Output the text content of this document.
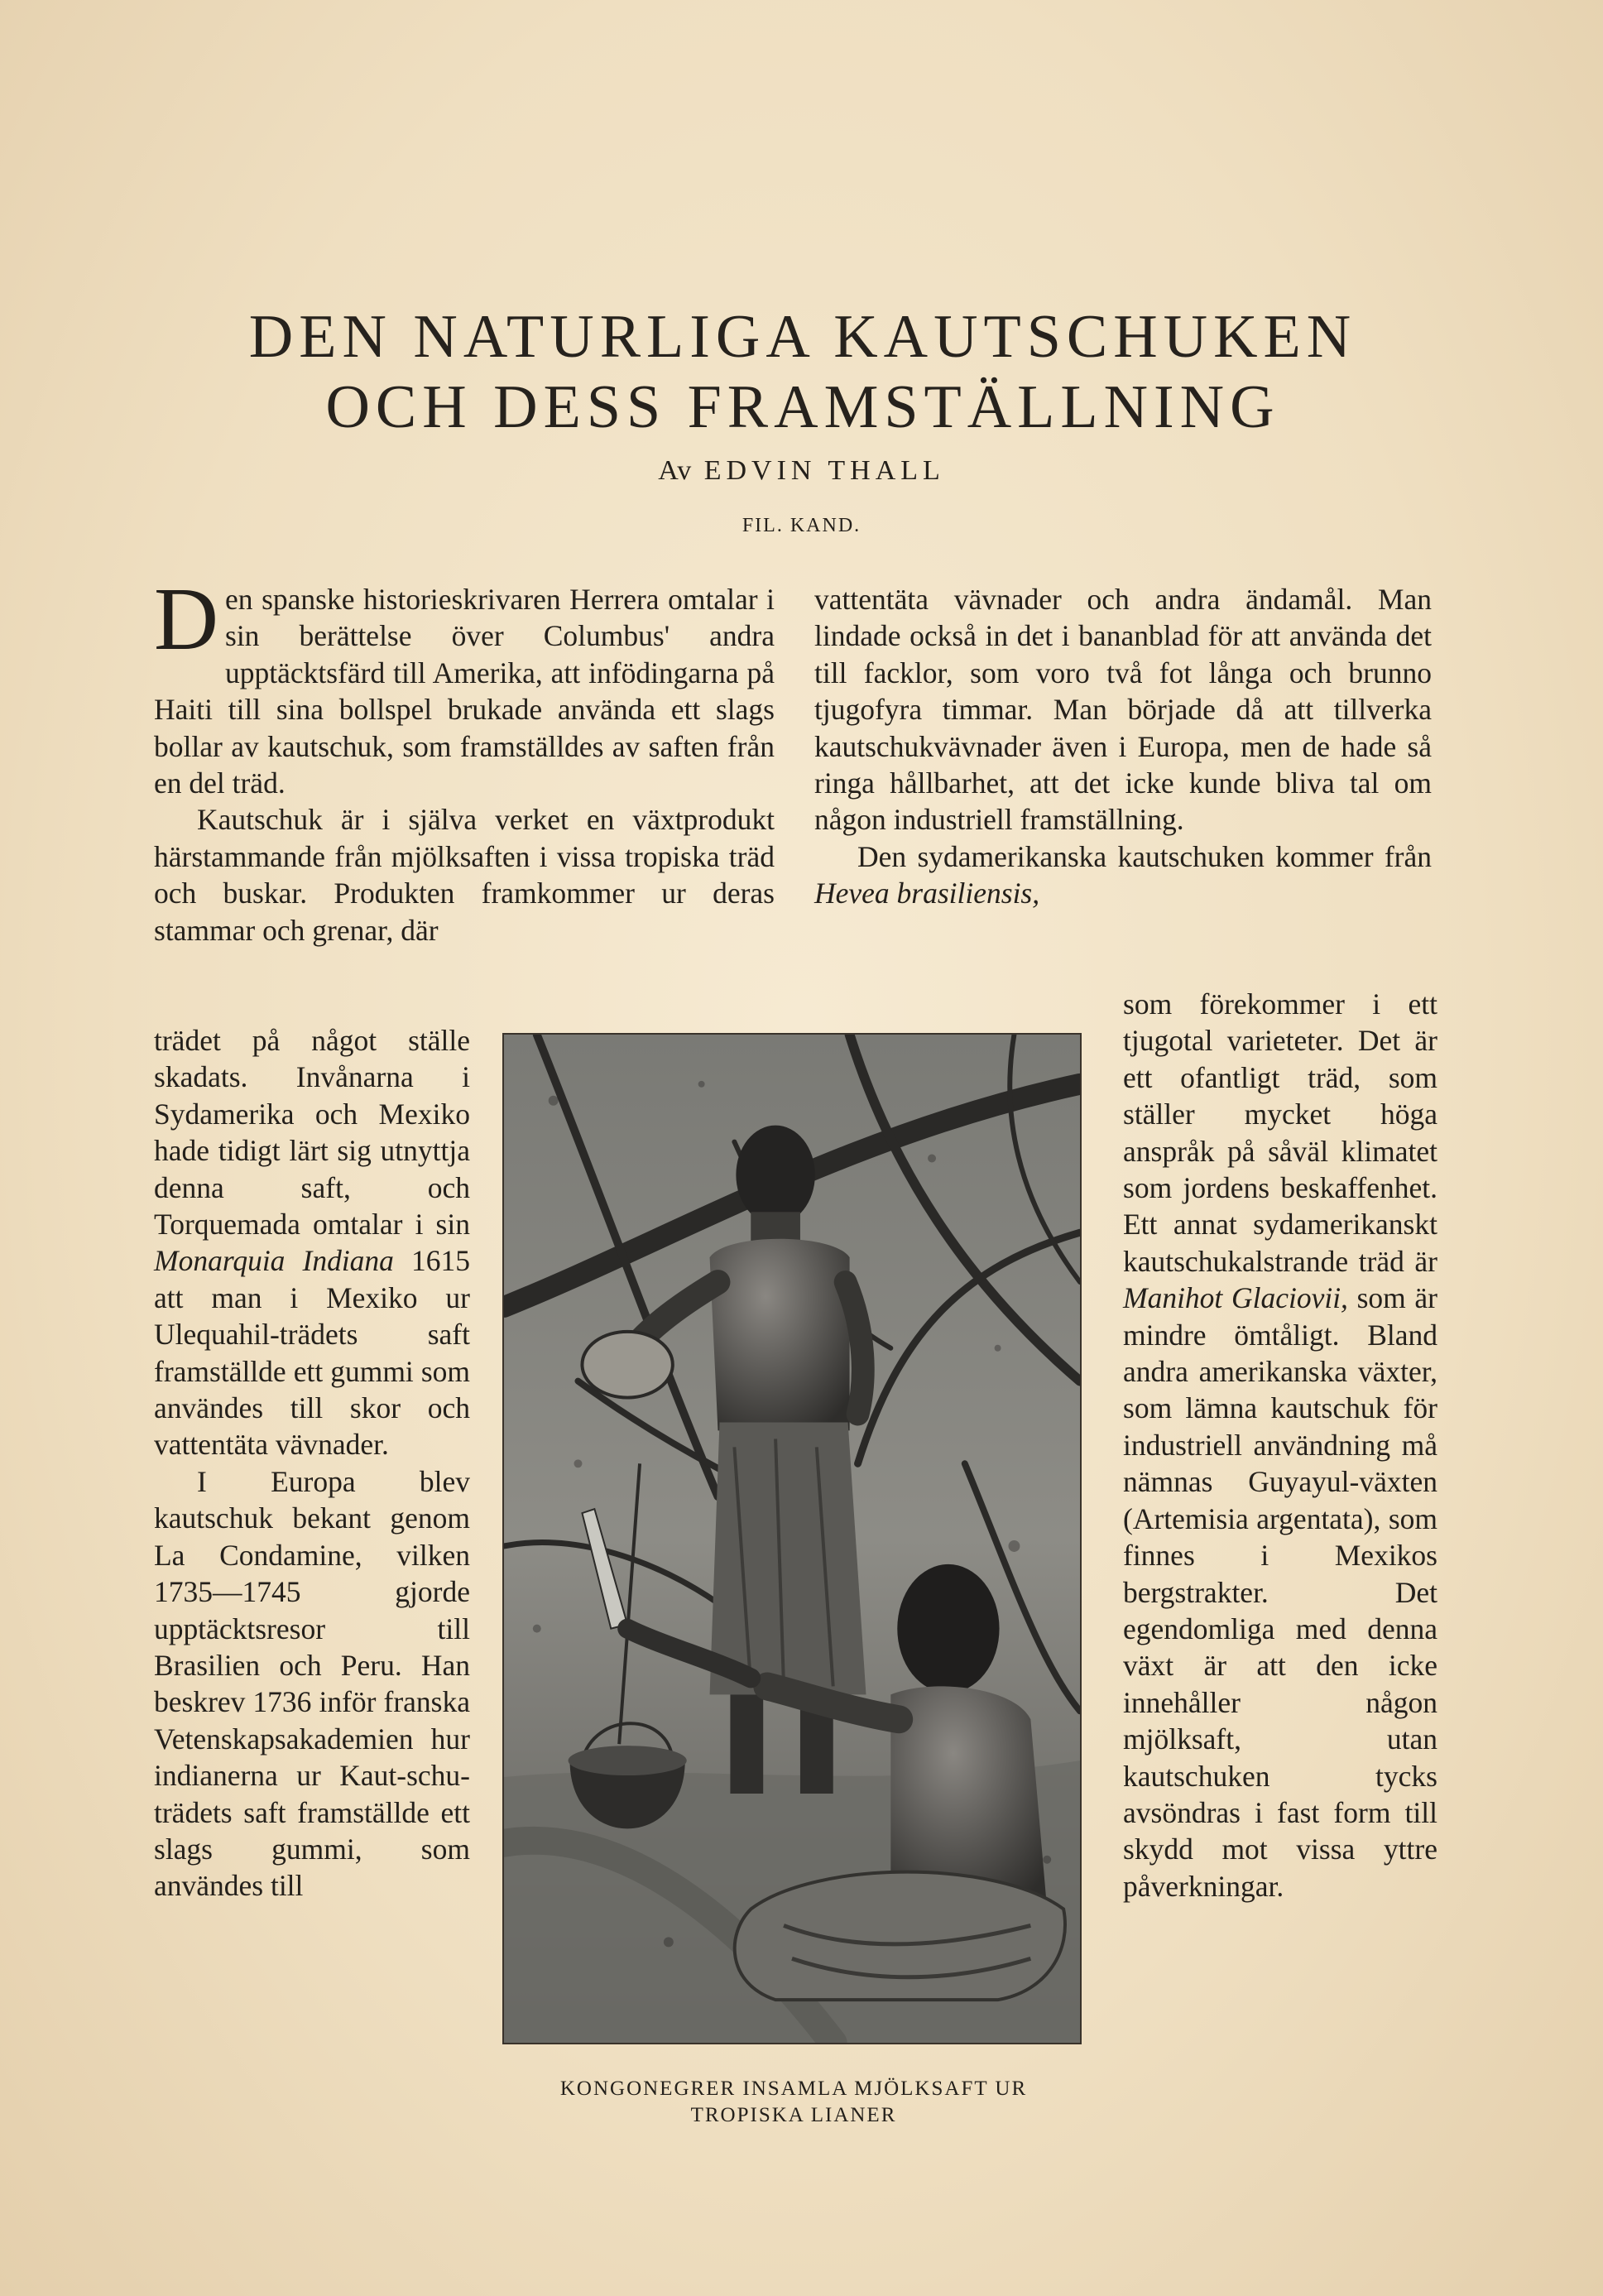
DEN NATURLIGA KAUTSCHUKEN
OCH DESS FRAMSTÄLLNING
Av EDVIN THALL
FIL. KAND.

Den spanske historieskrivaren Herrera omtalar i sin berättelse över Columbus' andra upptäcktsfärd till Amerika, att infödingarna på Haiti till sina bollspel brukade använda ett slags bollar av kautschuk, som framställdes av saften från en del träd.

Kautschuk är i själva verket en växtprodukt härstammande från mjölksaften i vissa tropiska träd och buskar. Produkten framkommer ur deras stammar och grenar, där

trädet på något ställe skadats. Invånarna i Sydamerika och Mexiko hade tidigt lärt sig utnyttja denna saft, och Torquemada omtalar i sin Monarquia Indiana 1615 att man i Mexiko ur Ulequahil-trädets saft framställde ett gummi som användes till skor och vattentäta vävnader.

I Europa blev kautschuk bekant genom La Condamine, vilken 1735—1745 gjorde upptäcktsresor till Brasilien och Peru. Han beskrev 1736 inför franska Vetenskapsakademien hur indianerna ur Kaut-schu-trädets saft framställde ett slags gummi, som användes till

vattentäta vävnader och andra ändamål. Man lindade också in det i bananblad för att använda det till facklor, som voro två fot långa och brunno tjugofyra timmar. Man började då att tillverka kautschukvävnader även i Europa, men de hade så ringa hållbarhet, att det icke kunde bliva tal om någon industriell framställning.

Den sydamerikanska kautschuken kommer från Hevea brasiliensis,

som förekommer i ett tjugotal varieteter. Det är ett ofantligt träd, som ställer mycket höga anspråk på såväl klimatet som jordens beskaffenhet. Ett annat sydamerikanskt kautschukalstrande träd är Manihot Glaciovii, som är mindre ömtåligt. Bland andra amerikanska växter, som lämna kautschuk för industriell användning må nämnas Guyayul-växten (Artemisia argentata), som finnes i Mexikos bergstrakter. Det egendomliga med denna växt är att den icke innehåller någon mjölksaft, utan kautschuken tycks avsöndras i fast form till skydd mot vissa yttre påverkningar.

KONGONEGRER INSAMLA MJÖLKSAFT UR
TROPISKA LIANER
